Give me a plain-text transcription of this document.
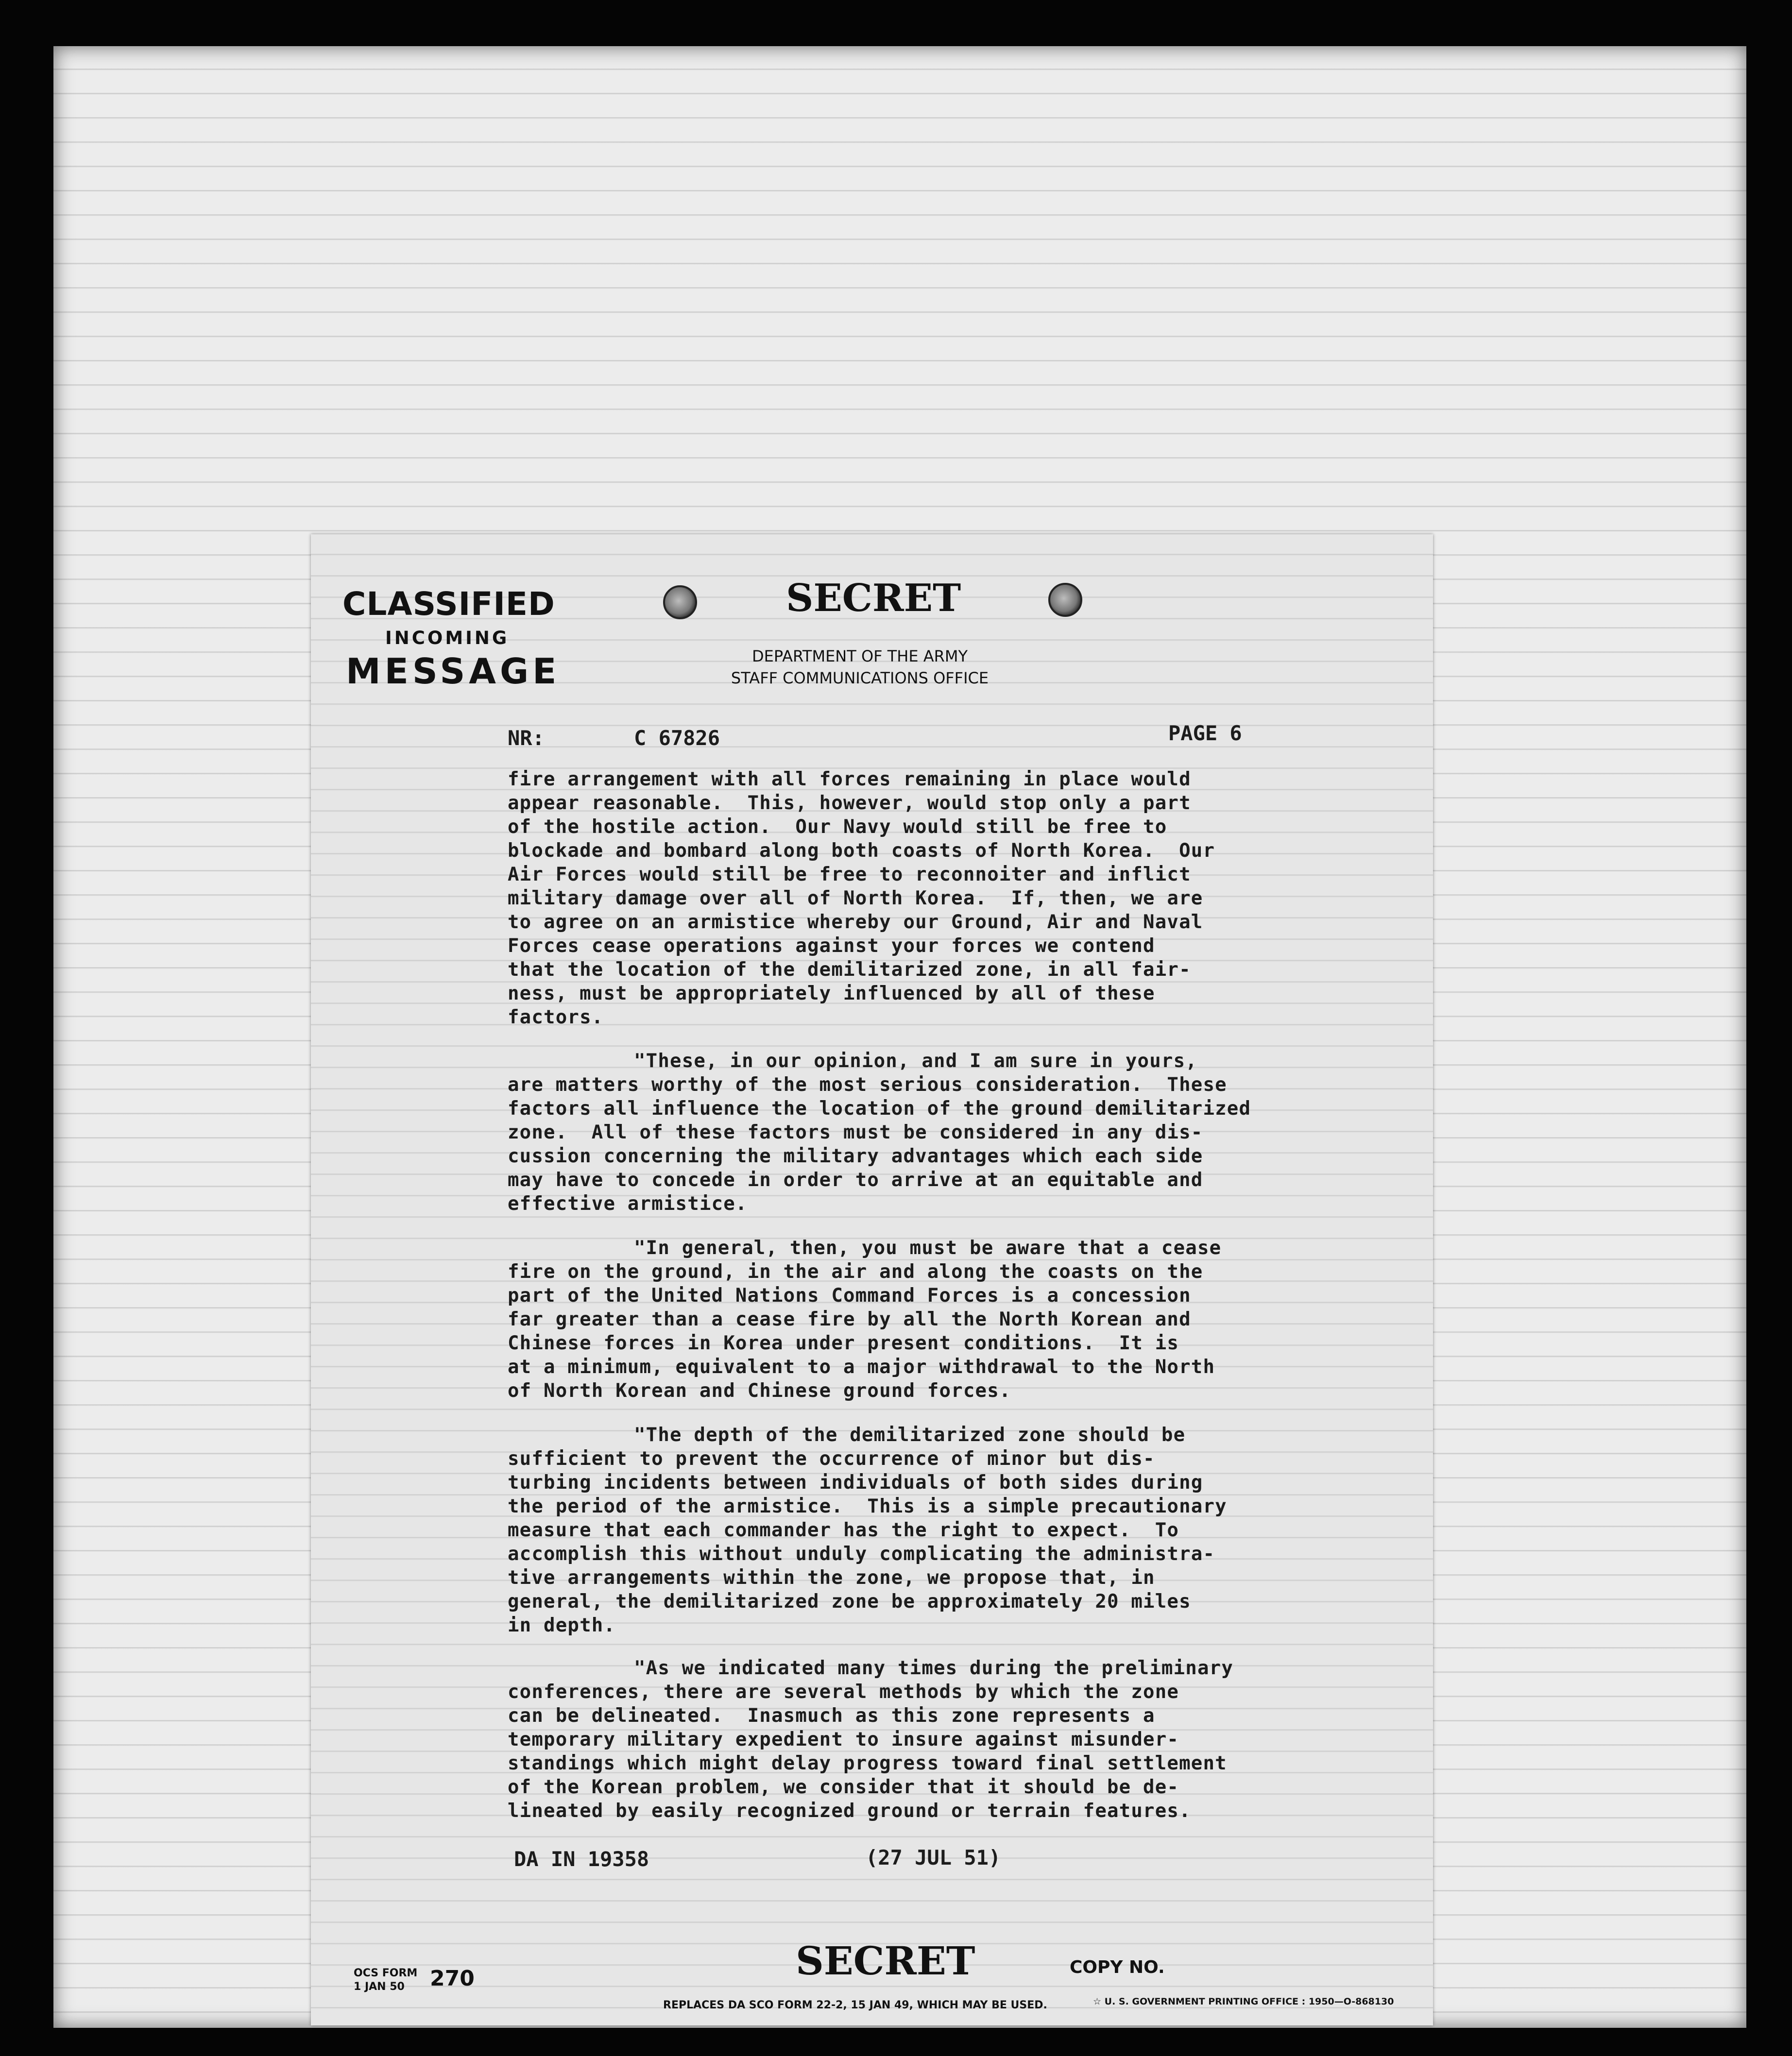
CLASSIFIED
INCOMING
MESSAGE
SECRET
DEPARTMENT OF THE ARMY
STAFF COMMUNICATIONS OFFICE
NR:	C 67826	PAGE 6
fire arrangement with all forces remaining in place would
appear reasonable.  This, however, would stop only a part
of the hostile action.  Our Navy would still be free to
blockade and bombard along both coasts of North Korea.  Our
Air Forces would still be free to reconnoiter and inflict
military damage over all of North Korea.  If, then, we are
to agree on an armistice whereby our Ground, Air and Naval
Forces cease operations against your forces we contend
that the location of the demilitarized zone, in all fair-
ness, must be appropriately influenced by all of these
factors.
"These, in our opinion, and I am sure in yours,
are matters worthy of the most serious consideration.  These
factors all influence the location of the ground demilitarized
zone.  All of these factors must be considered in any dis-
cussion concerning the military advantages which each side
may have to concede in order to arrive at an equitable and
effective armistice.
"In general, then, you must be aware that a cease
fire on the ground, in the air and along the coasts on the
part of the United Nations Command Forces is a concession
far greater than a cease fire by all the North Korean and
Chinese forces in Korea under present conditions.  It is
at a minimum, equivalent to a major withdrawal to the North
of North Korean and Chinese ground forces.
"The depth of the demilitarized zone should be
sufficient to prevent the occurrence of minor but dis-
turbing incidents between individuals of both sides during
the period of the armistice.  This is a simple precautionary
measure that each commander has the right to expect.  To
accomplish this without unduly complicating the administra-
tive arrangements within the zone, we propose that, in
general, the demilitarized zone be approximately 20 miles
in depth.
"As we indicated many times during the preliminary
conferences, there are several methods by which the zone
can be delineated.  Inasmuch as this zone represents a
temporary military expedient to insure against misunder-
standings which might delay progress toward final settlement
of the Korean problem, we consider that it should be de-
lineated by easily recognized ground or terrain features.
DA IN 19358	(27 JUL 51)
OCS FORM
1 JAN 50 270	SECRET	COPY NO.
REPLACES DA SCO FORM 22-2, 15 JAN 49, WHICH MAY BE USED.	☆ U. S. GOVERNMENT PRINTING OFFICE : 1950—O-868130
